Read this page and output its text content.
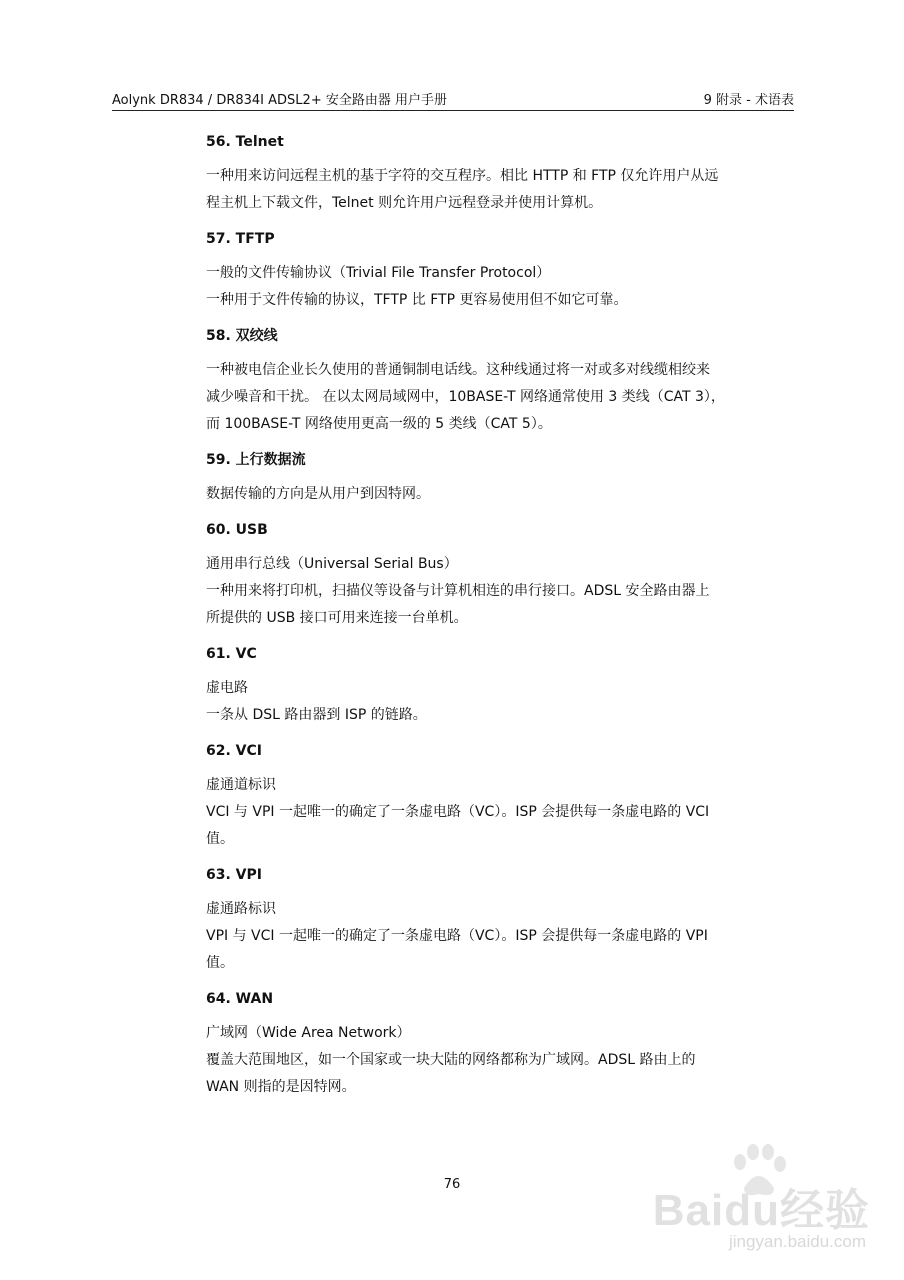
Aolynk DR834 / DR834I ADSL2+ 安全路由器 用户手册	9 附录 - 术语表
56. Telnet

一种用来访问远程主机的基于字符的交互程序。相比 HTTP 和 FTP 仅允许用户从远

程主机上下载文件，Telnet 则允许用户远程登录并使用计算机。

57. TFTP

一般的文件传输协议（Trivial File Transfer Protocol）

一种用于文件传输的协议，TFTP 比 FTP 更容易使用但不如它可靠。

58. 双绞线

一种被电信企业长久使用的普通铜制电话线。这种线通过将一对或多对线缆相绞来

减少噪音和干扰。 在以太网局域网中，10BASE-T 网络通常使用 3 类线（CAT 3），

而 100BASE-T 网络使用更高一级的 5 类线（CAT 5）。

59. 上行数据流

数据传输的方向是从用户到因特网。

60. USB

通用串行总线（Universal Serial Bus）

一种用来将打印机，扫描仪等设备与计算机相连的串行接口。ADSL 安全路由器上

所提供的 USB 接口可用来连接一台单机。

61. VC

虚电路

一条从 DSL 路由器到 ISP 的链路。

62. VCI

虚通道标识

VCI 与 VPI 一起唯一的确定了一条虚电路（VC）。ISP 会提供每一条虚电路的 VCI

值。

63. VPI

虚通路标识

VPI 与 VCI 一起唯一的确定了一条虚电路（VC）。ISP 会提供每一条虚电路的 VPI

值。

64. WAN

广域网（Wide Area Network）

覆盖大范围地区，如一个国家或一块大陆的网络都称为广域网。ADSL 路由上的

WAN 则指的是因特网。

76
Baidu经验
jingyan.baidu.com
